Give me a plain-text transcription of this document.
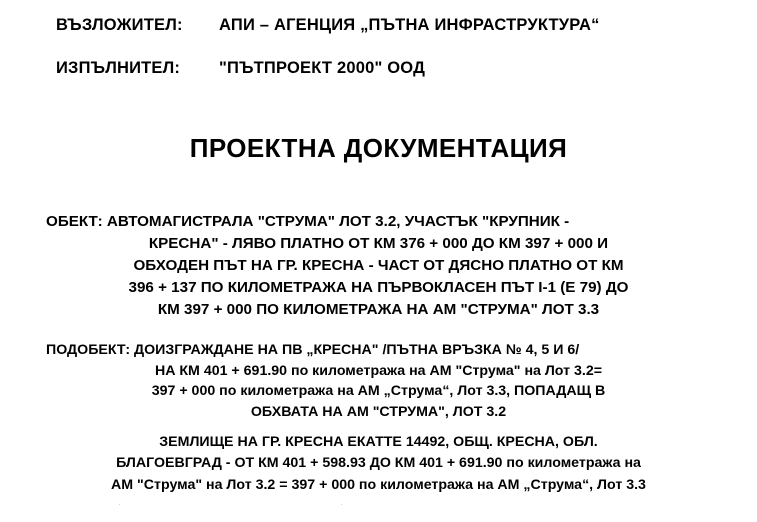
ВЪЗЛОЖИТЕЛ:	АПИ – АГЕНЦИЯ „ПЪТНА ИНФРАСТРУКТУРА“
ИЗПЪЛНИТЕЛ:	"ПЪТПРОЕКТ 2000" ООД
ПРОЕКТНА ДОКУМЕНТАЦИЯ
ОБЕКТ: АВТОМАГИСТРАЛА "СТРУМА" ЛОТ 3.2, УЧАСТЪК "КРУПНИК -
КРЕСНА" - ЛЯВО ПЛАТНО ОТ КМ 376 + 000 ДО КМ 397 + 000 И
ОБХОДЕН ПЪТ НА ГР. КРЕСНА - ЧАСТ ОТ ДЯСНО ПЛАТНО ОТ КМ
396 + 137 ПО КИЛОМЕТРАЖА НА ПЪРВОКЛАСЕН ПЪТ I-1 (Е 79) ДО
КМ 397 + 000 ПО КИЛОМЕТРАЖА НА АМ "СТРУМА" ЛОТ 3.3
ПОДОБЕКТ: ДОИЗГРАЖДАНЕ НА ПВ „КРЕСНА" /ПЪТНА ВРЪЗКА № 4, 5 И 6/
НА КМ 401 + 691.90 по километража на АМ "Струма" на Лот 3.2=
397 + 000 по километража на АМ „Струма“, Лот 3.3, ПОПАДАЩ В
ОБХВАТА НА АМ "СТРУМА", ЛОТ 3.2
ЗЕМЛИЩЕ НА ГР. КРЕСНА ЕКАТТЕ 14492, ОБЩ. КРЕСНА, ОБЛ.
БЛАГОЕВГРАД - ОТ КМ 401 + 598.93 ДО КМ 401 + 691.90 по километража на
АМ "Струма" на Лот 3.2 = 397 + 000 по километража на АМ „Струма“, Лот 3.3
·	·
